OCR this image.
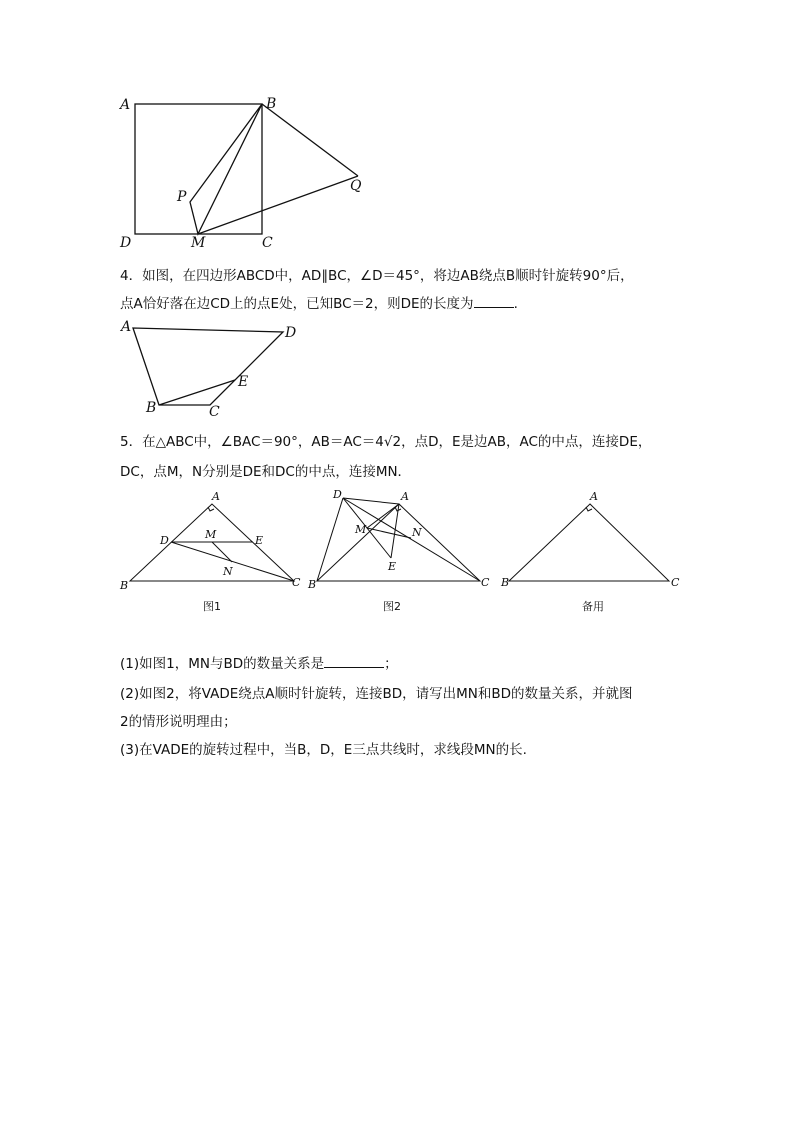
A	B
C
D
P
Q
M
4．如图，在四边形ABCD中，AD∥BC，∠D＝45°，将边AB绕点B顺时针旋转90°后，
点A恰好落在边CD上的点E处，已知BC＝2，则DE的长度为	.
A	D
B	C
E
5．在△ABC中，∠BAC＝90°，AB＝AC＝4√2，点D，E是边AB，AC的中点，连接DE，
DC，点M，N分别是DE和DC的中点，连接MN．
A
B	C
D	E
M
N
图1
D	A
B	C
M	N
E
图2
A
B	C
备用
(1)如图1，MN与BD的数量关系是	；
(2)如图2，将VADE绕点A顺时针旋转，连接BD，请写出MN和BD的数量关系，并就图
2的情形说明理由；
(3)在VADE的旋转过程中，当B，D，E三点共线时，求线段MN的长.
